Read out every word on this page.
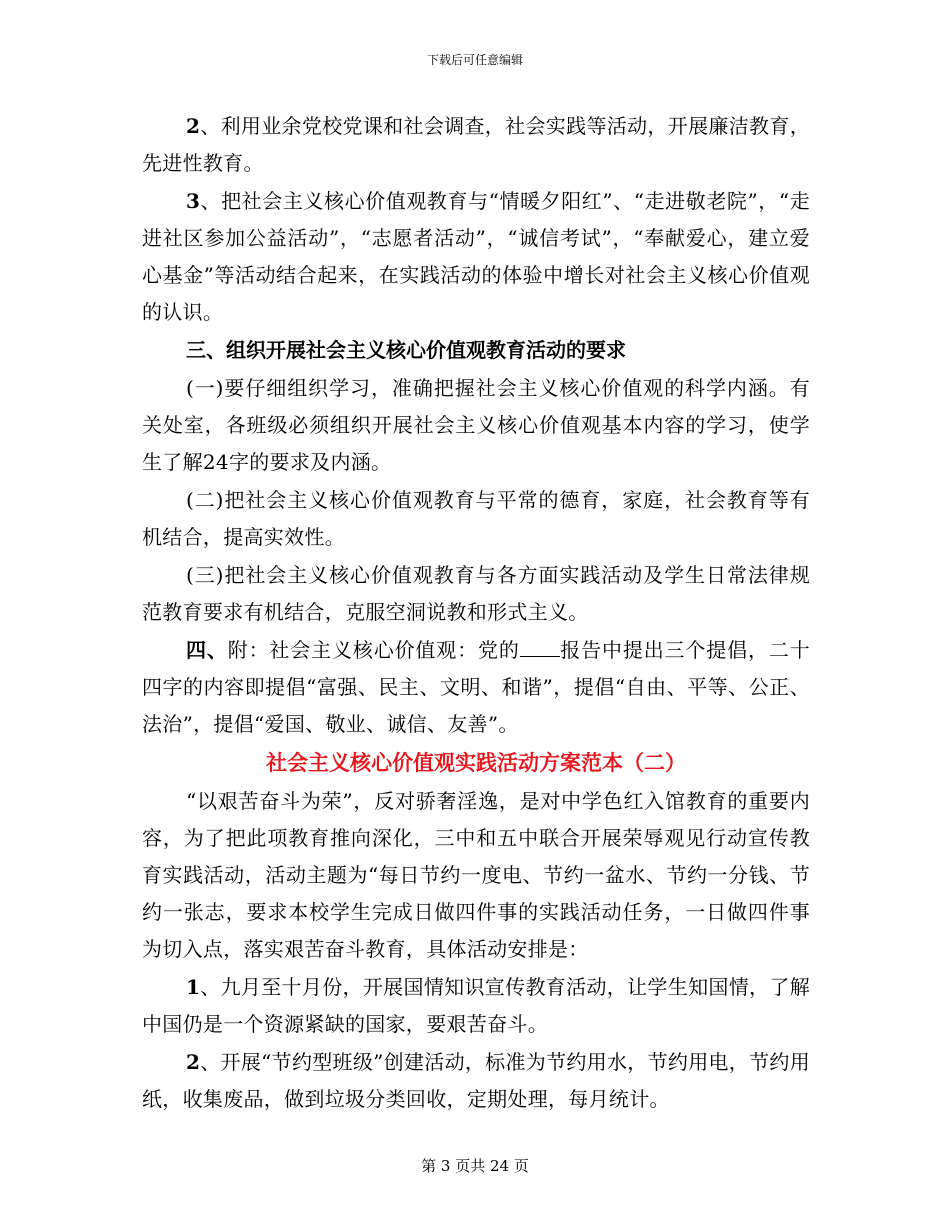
下载后可任意编辑

2、利用业余党校党课和社会调查，社会实践等活动，开展廉洁教育，先进性教育。

3、把社会主义核心价值观教育与“情暖夕阳红”、“走进敬老院”，“走进社区参加公益活动”，“志愿者活动”，“诚信考试”，“奉献爱心，建立爱心基金”等活动结合起来，在实践活动的体验中增长对社会主义核心价值观的认识。

三、组织开展社会主义核心价值观教育活动的要求

(一)要仔细组织学习，准确把握社会主义核心价值观的科学内涵。有关处室，各班级必须组织开展社会主义核心价值观基本内容的学习，使学生了解24字的要求及内涵。

(二)把社会主义核心价值观教育与平常的德育，家庭，社会教育等有机结合，提高实效性。

(三)把社会主义核心价值观教育与各方面实践活动及学生日常法律规范教育要求有机结合，克服空洞说教和形式主义。

四、附：社会主义核心价值观：党的 报告中提出三个提倡，二十四字的内容即提倡“富强、民主、文明、和谐”，提倡“自由、平等、公正、法治”，提倡“爱国、敬业、诚信、友善”。

社会主义核心价值观实践活动方案范本（二）

“以艰苦奋斗为荣”，反对骄奢淫逸，是对中学色红入馆教育的重要内容，为了把此项教育推向深化，三中和五中联合开展荣辱观见行动宣传教育实践活动，活动主题为“每日节约一度电、节约一盆水、节约一分钱、节约一张志，要求本校学生完成日做四件事的实践活动任务，一日做四件事为切入点，落实艰苦奋斗教育，具体活动安排是：

1、九月至十月份，开展国情知识宣传教育活动，让学生知国情，了解中国仍是一个资源紧缺的国家，要艰苦奋斗。

2、开展“节约型班级”创建活动，标准为节约用水，节约用电，节约用纸，收集废品，做到垃圾分类回收，定期处理，每月统计。

第 3 页共 24 页
